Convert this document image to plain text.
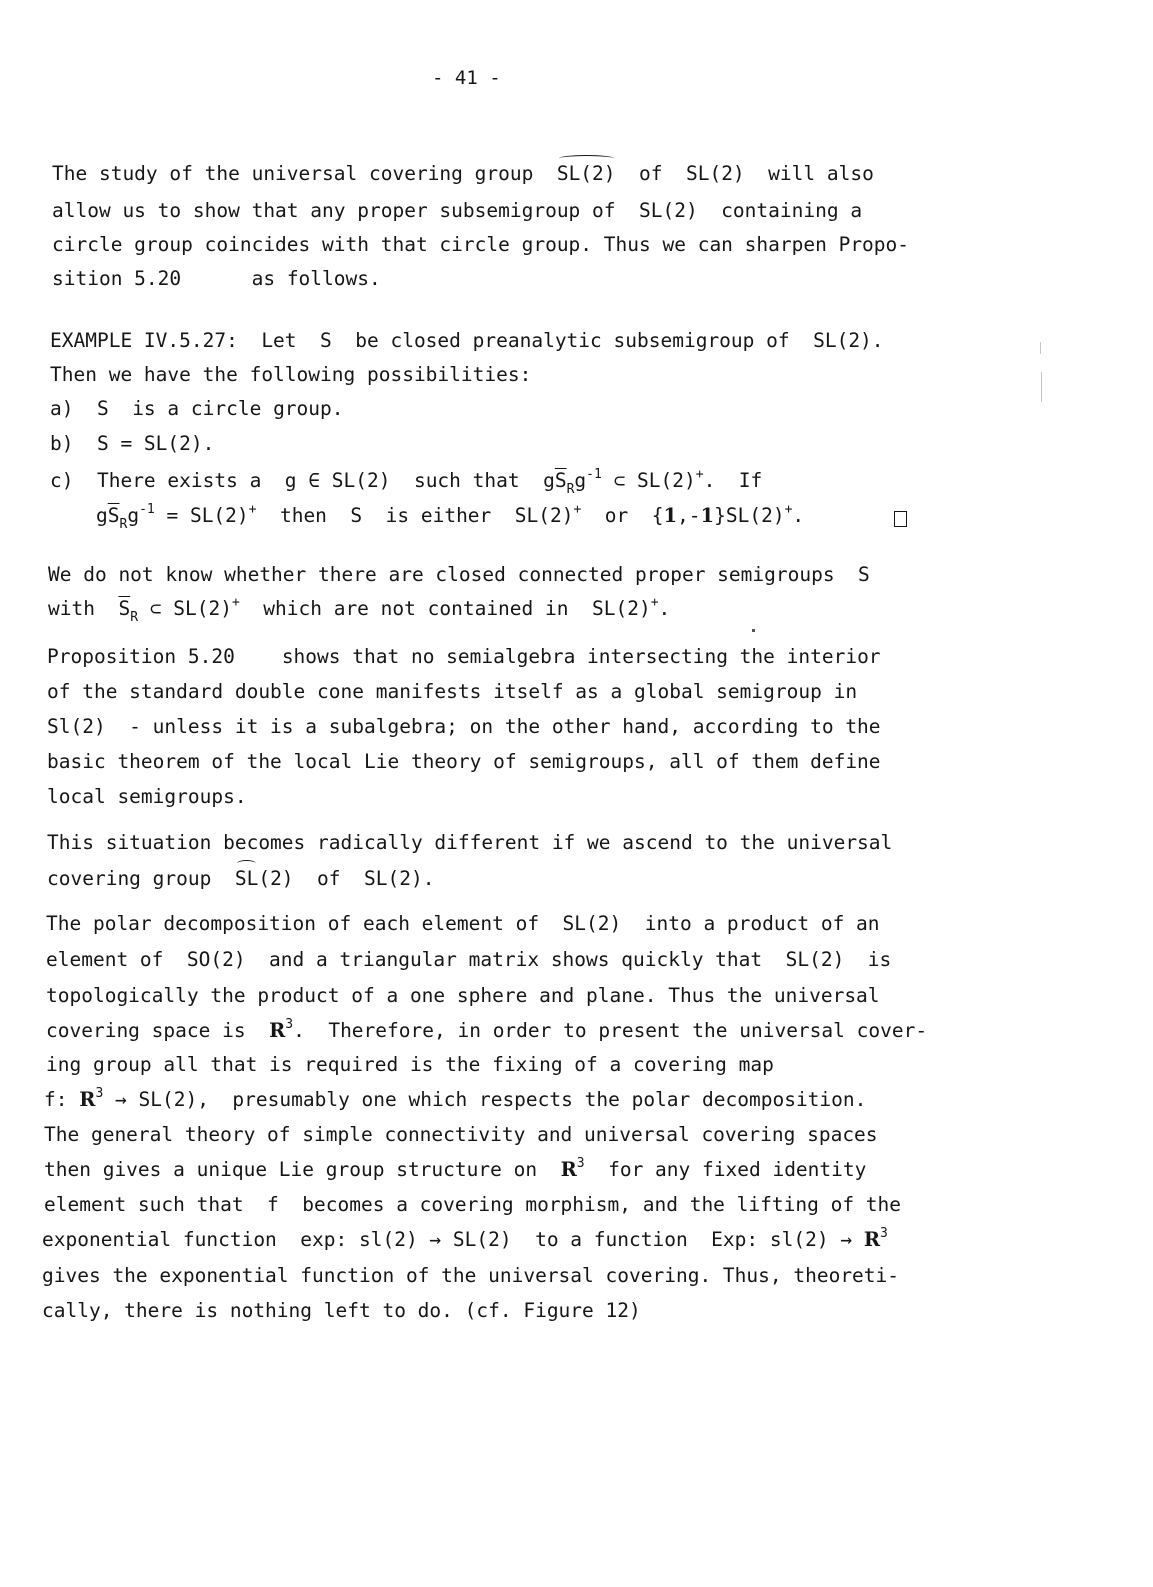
- 41 -
The study of the universal covering group SL(2) of  SL(2)  will also
allow us to show that any proper subsemigroup of  SL(2)  containing a
circle group coincides with that circle group. Thus we can sharpen Propo-
sition 5.20	as follows.
EXAMPLE IV.5.27:  Let  S  be closed preanalytic subsemigroup of  SL(2).
Then we have the following possibilities:
a) S  is a circle group.
b) S = SL(2).
c) There exists a  g ∈ SL(2)  such that  $g\overline{S}_Rg^{-1}$ ⊂ SL(2)+.  If
$g\overline{S}_Rg^{-1} = SL(2)^+$  then  S  is either  SL(2)+  or  {1,-1}SL(2)+.
We do not know whether there are closed connected proper semigroups  S
with  $\overline{S}_R$ ⊂ SL(2)+  which are not contained in  SL(2)+.
Proposition 5.20 shows that no semialgebra intersecting the interior
of the standard double cone manifests itself as a global semigroup in
Sl(2)  - unless it is a subalgebra; on the other hand, according to the
basic theorem of the local Lie theory of semigroups, all of them define
local semigroups.
This situation becomes radically different if we ascend to the universal
covering group  SL(2)  of  SL(2).
The polar decomposition of each element of  SL(2)  into a product of an
element of  SO(2)  and a triangular matrix shows quickly that  SL(2)  is
topologically the product of a one sphere and plane. Thus the universal
covering space is  $R^3$.  Therefore, in order to present the universal cover-
ing group all that is required is the fixing of a covering map
f: $R^3 \to SL(2)$,  presumably one which respects the polar decomposition.
The general theory of simple connectivity and universal covering spaces
then gives a unique Lie group structure on  $R^3$  for any fixed identity
element such that  f  becomes a covering morphism, and the lifting of the
exponential function  exp: sl(2) → SL(2)  to a function  Exp: $sl(2) \to R^3$
gives the exponential function of the universal covering. Thus, theoreti-
cally, there is nothing left to do. (cf. Figure 12)
